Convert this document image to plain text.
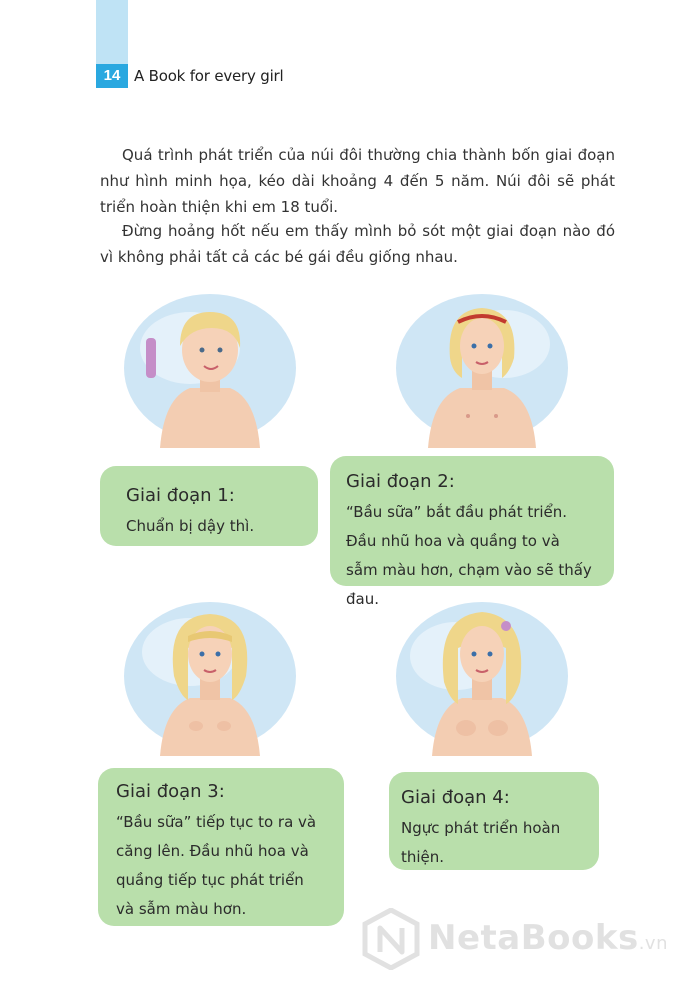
14 A Book for every girl

Quá trình phát triển của núi đôi thường chia thành bốn giai đoạn như hình minh họa, kéo dài khoảng 4 đến 5 năm. Núi đôi sẽ phát triển hoàn thiện khi em 18 tuổi.

Đừng hoảng hốt nếu em thấy mình bỏ sót một giai đoạn nào đó vì không phải tất cả các bé gái đều giống nhau.

Giai đoạn 1:
Chuẩn bị dậy thì.
Giai đoạn 2:
“Bầu sữa” bắt đầu phát triển. Đầu nhũ hoa và quầng to và sẫm màu hơn, chạm vào sẽ thấy đau.
Giai đoạn 3:
“Bầu sữa” tiếp tục to ra và căng lên. Đầu nhũ hoa và quầng tiếp tục phát triển và sẫm màu hơn.
Giai đoạn 4:
Ngực phát triển hoàn thiện.
NetaBooks.vn
